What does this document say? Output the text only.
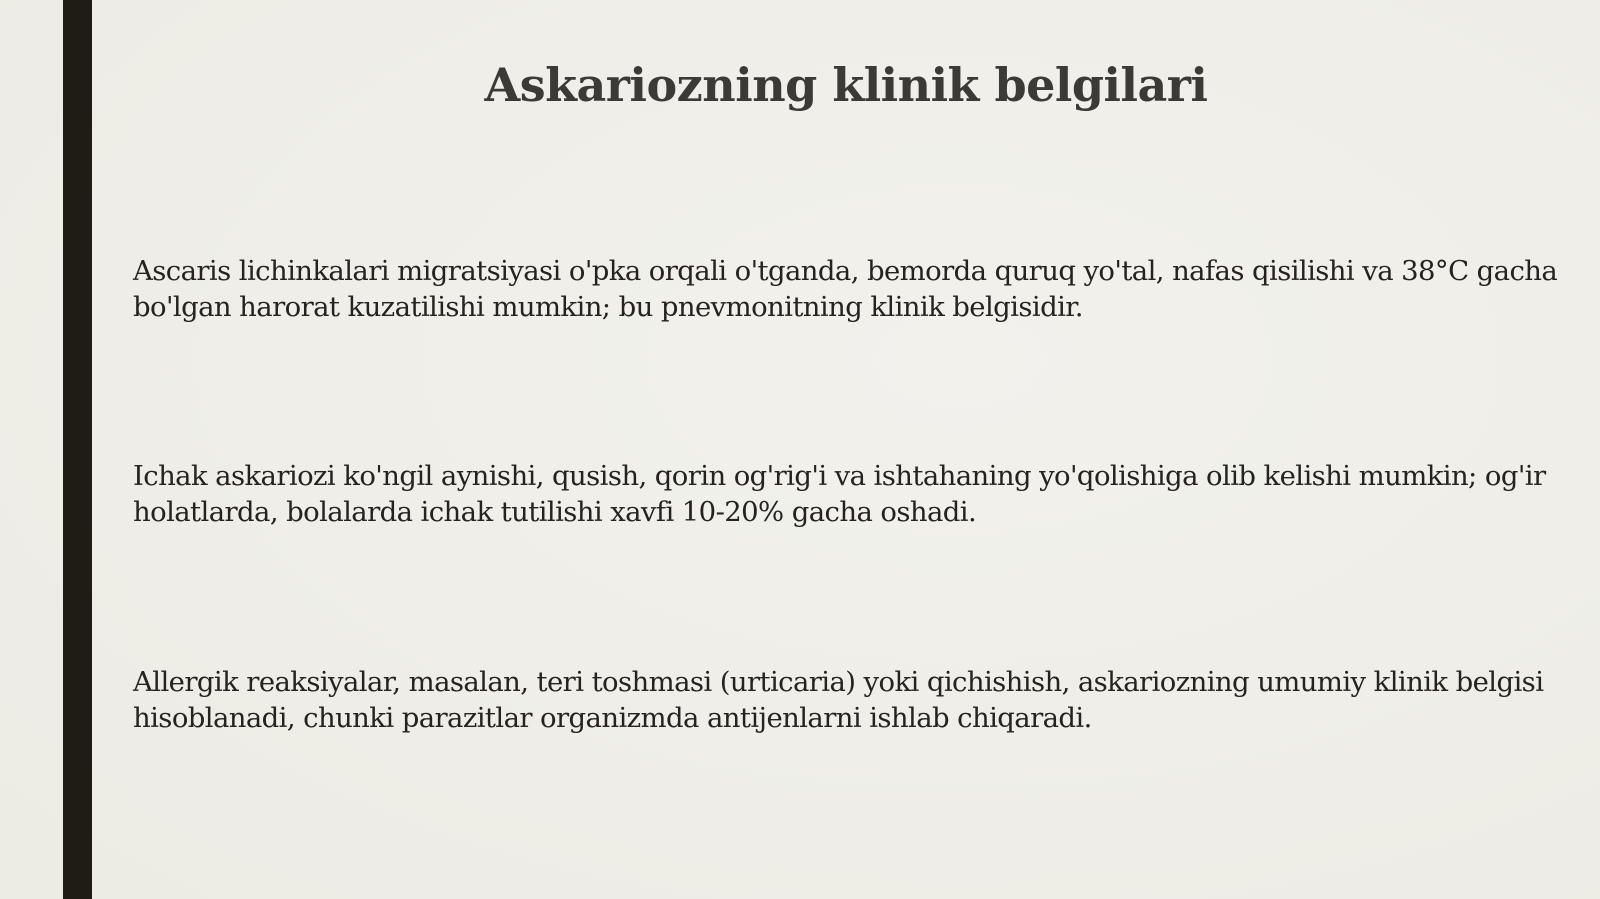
Askariozning klinik belgilari

Ascaris lichinkalari migratsiyasi o'pka orqali o'tganda, bemorda quruq yo'tal, nafas qisilishi va 38°C gacha bo'lgan harorat kuzatilishi mumkin; bu pnevmonitning klinik belgisidir.

Ichak askariozi ko'ngil aynishi, qusish, qorin og'rig'i va ishtahaning yo'qolishiga olib kelishi mumkin; og'ir holatlarda, bolalarda ichak tutilishi xavfi 10-20% gacha oshadi.

Allergik reaksiyalar, masalan, teri toshmasi (urticaria) yoki qichishish, askariozning umumiy klinik belgisi hisoblanadi, chunki parazitlar organizmda antijenlarni ishlab chiqaradi.
